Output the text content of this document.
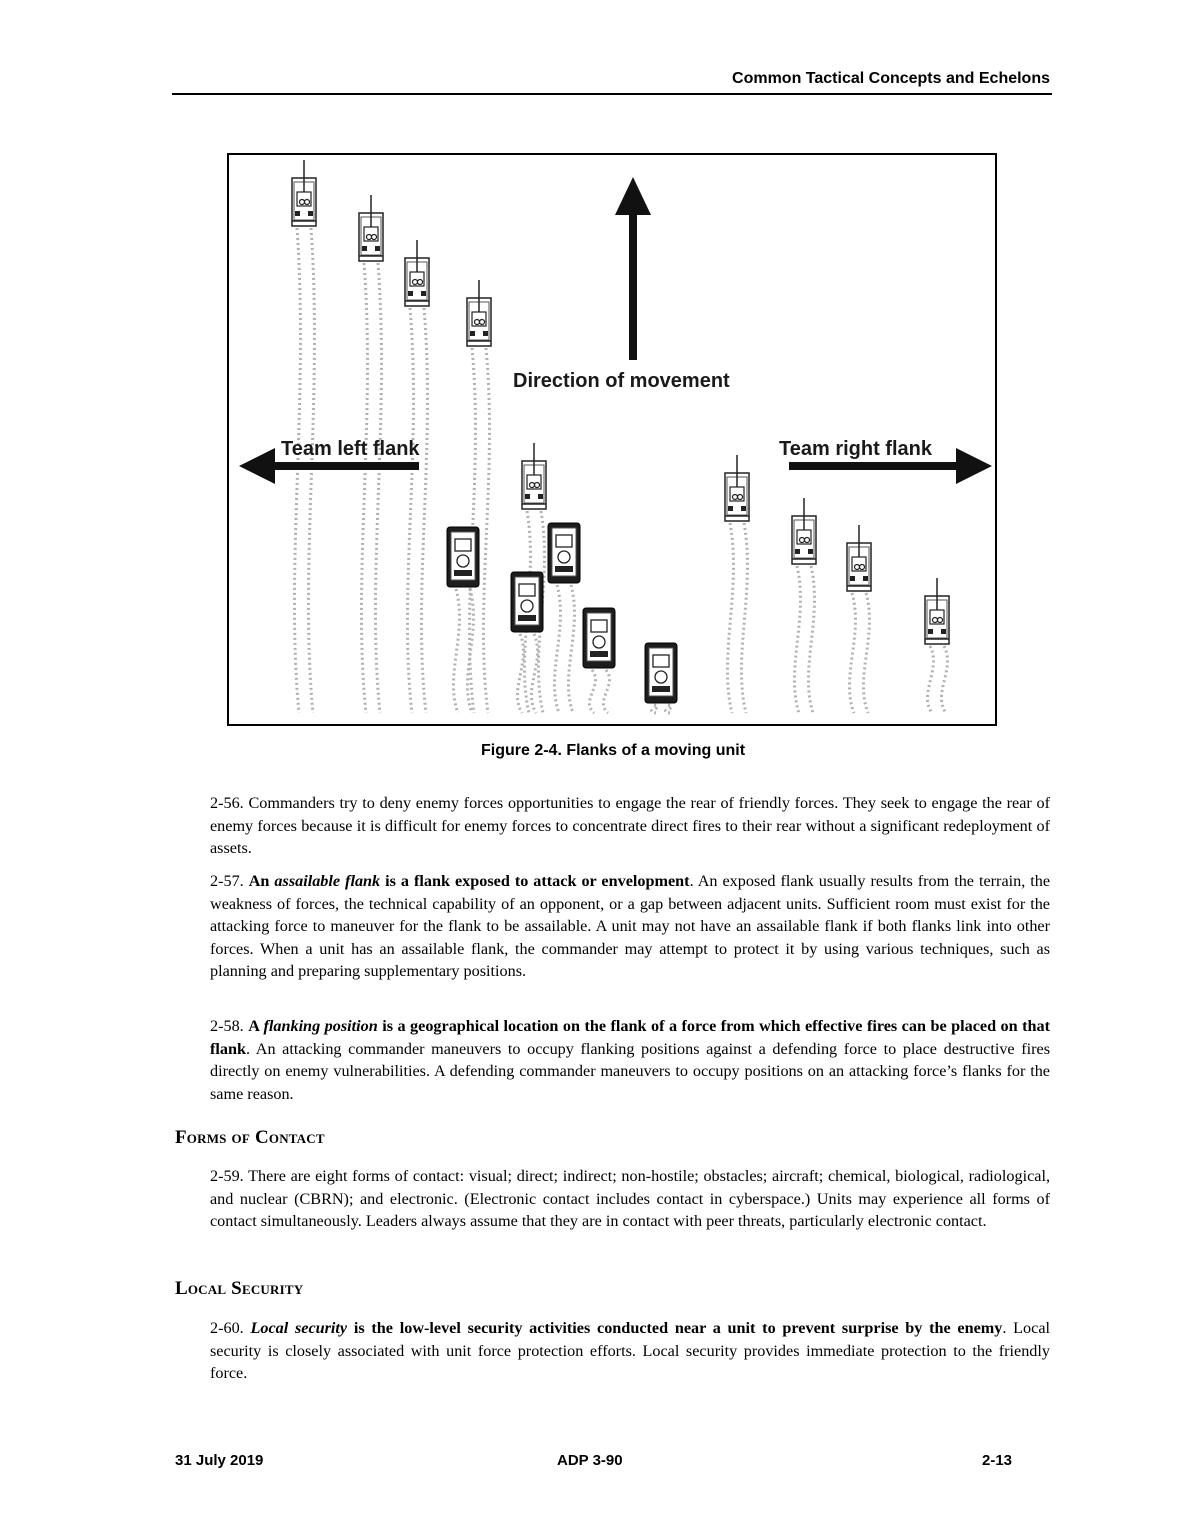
Common Tactical Concepts and Echelons
Direction of movement
Team left flank	Team right flank
Figure 2-4. Flanks of a moving unit

2-56. Commanders try to deny enemy forces opportunities to engage the rear of friendly forces. They seek to engage the rear of enemy forces because it is difficult for enemy forces to concentrate direct fires to their rear without a significant redeployment of assets.

2-57. An assailable flank is a flank exposed to attack or envelopment. An exposed flank usually results from the terrain, the weakness of forces, the technical capability of an opponent, or a gap between adjacent units. Sufficient room must exist for the attacking force to maneuver for the flank to be assailable. A unit may not have an assailable flank if both flanks link into other forces. When a unit has an assailable flank, the commander may attempt to protect it by using various techniques, such as planning and preparing supplementary positions.

2-58. A flanking position is a geographical location on the flank of a force from which effective fires can be placed on that flank. An attacking commander maneuvers to occupy flanking positions against a defending force to place destructive fires directly on enemy vulnerabilities. A defending commander maneuvers to occupy positions on an attacking force’s flanks for the same reason.

Forms of Contact

2-59. There are eight forms of contact: visual; direct; indirect; non-hostile; obstacles; aircraft; chemical, biological, radiological, and nuclear (CBRN); and electronic. (Electronic contact includes contact in cyberspace.) Units may experience all forms of contact simultaneously. Leaders always assume that they are in contact with peer threats, particularly electronic contact.

Local Security

2-60. Local security is the low-level security activities conducted near a unit to prevent surprise by the enemy. Local security is closely associated with unit force protection efforts. Local security provides immediate protection to the friendly force.

31 July 2019	ADP 3-90	2-13
